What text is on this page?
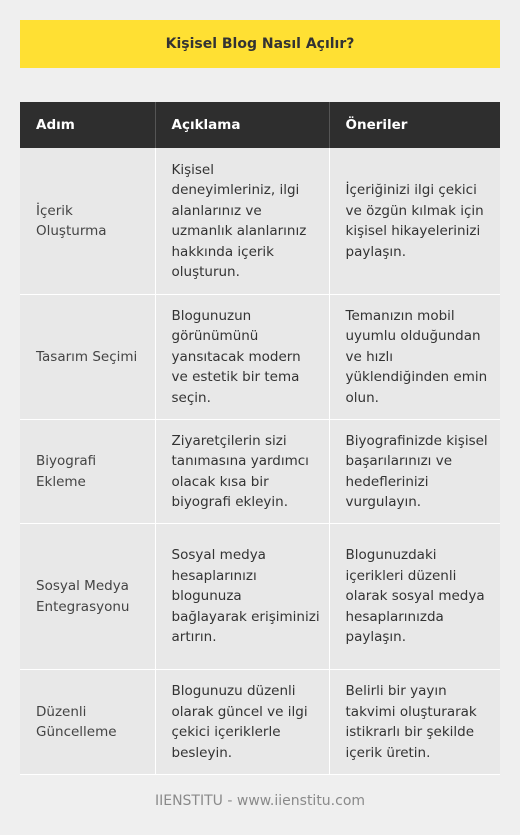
Kişisel Blog Nasıl Açılır?
Adım	Açıklama	Öneriler
İçerik Oluşturma	Kişisel deneyimleriniz, ilgi alanlarınız ve uzmanlık alanlarınız hakkında içerik oluşturun.	İçeriğinizi ilgi çekici ve özgün kılmak için kişisel hikayelerinizi paylaşın.
Tasarım Seçimi	Blogunuzun görünümünü yansıtacak modern ve estetik bir tema seçin.	Temanızın mobil uyumlu olduğundan ve hızlı yüklendiğinden emin olun.
Biyografi Ekleme	Ziyaretçilerin sizi tanımasına yardımcı olacak kısa bir biyografi ekleyin.	Biyografinizde kişisel başarılarınızı ve hedeflerinizi vurgulayın.
Sosyal Medya Entegrasyonu	Sosyal medya hesaplarınızı blogunuza bağlayarak erişiminizi artırın.	Blogunuzdaki içerikleri düzenli olarak sosyal medya hesaplarınızda paylaşın.
Düzenli Güncelleme	Blogunuzu düzenli olarak güncel ve ilgi çekici içeriklerle besleyin.	Belirli bir yayın takvimi oluşturarak istikrarlı bir şekilde içerik üretin.
IIENSTITU - www.iienstitu.com
